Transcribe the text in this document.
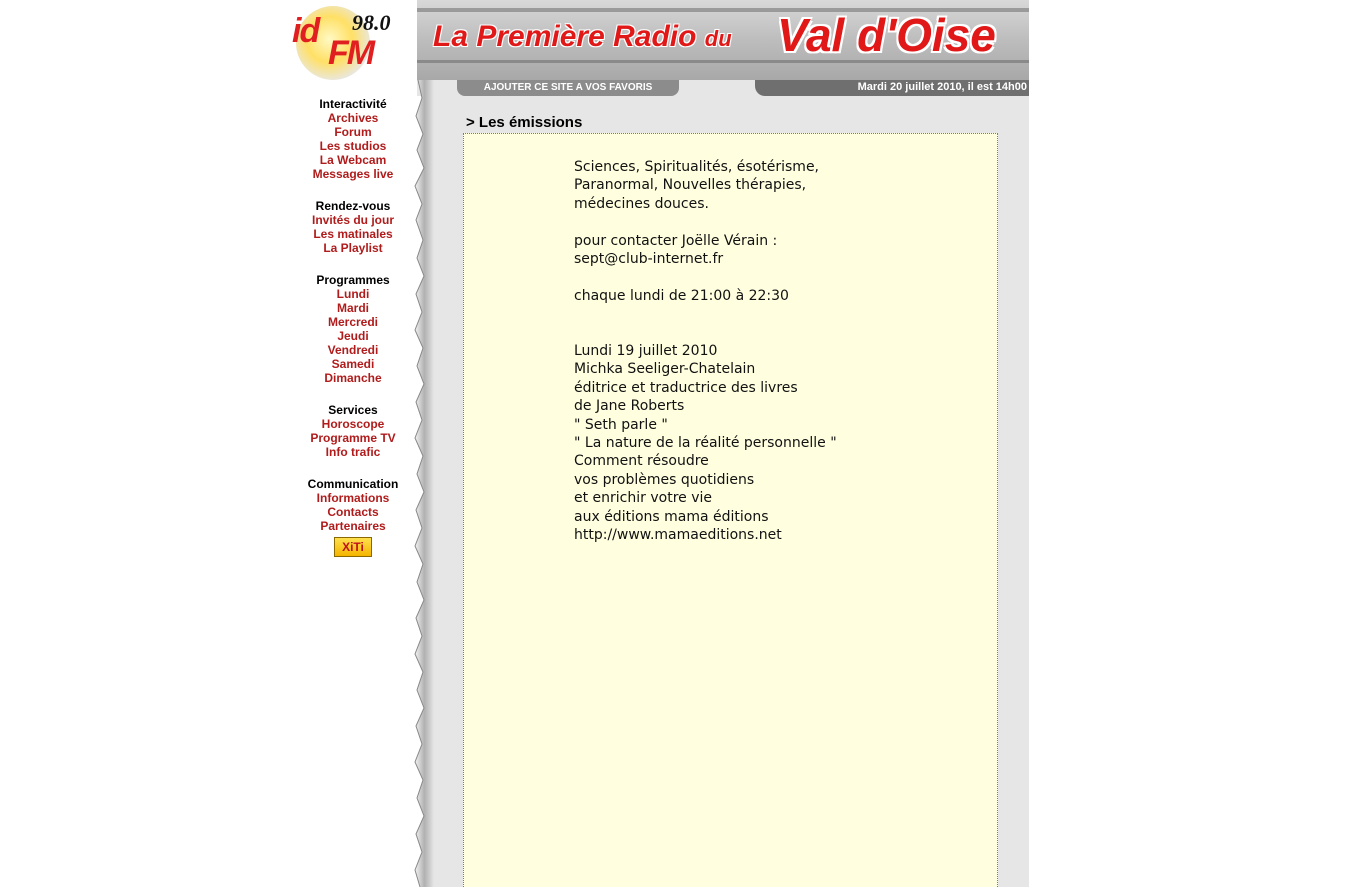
id
FM
98.0 La Première Radio du Val d'Oise
AJOUTER CE SITE A VOS FAVORIS	Mardi 20 juillet 2010, il est 14h00
Interactivité
Archives
Forum
Les studios
La Webcam
Messages live
Rendez-vous
Invités du jour
Les matinales
La Playlist
Programmes
Lundi
Mardi
Mercredi
Jeudi
Vendredi
Samedi
Dimanche
Services
Horoscope
Programme TV
Info trafic
Communication
Informations
Contacts
Partenaires
XiTi
> Les émissions
Sciences, Spiritualités, ésotérisme,
Paranormal, Nouvelles thérapies,
médecines douces.
pour contacter Joëlle Vérain :
sept@club-internet.fr
chaque lundi de 21:00 à 22:30
Lundi 19 juillet 2010
Michka Seeliger-Chatelain
éditrice et traductrice des livres
de Jane Roberts
" Seth parle "
" La nature de la réalité personnelle "
Comment résoudre
vos problèmes quotidiens
et enrichir votre vie
aux éditions mama éditions
http://www.mamaeditions.net
